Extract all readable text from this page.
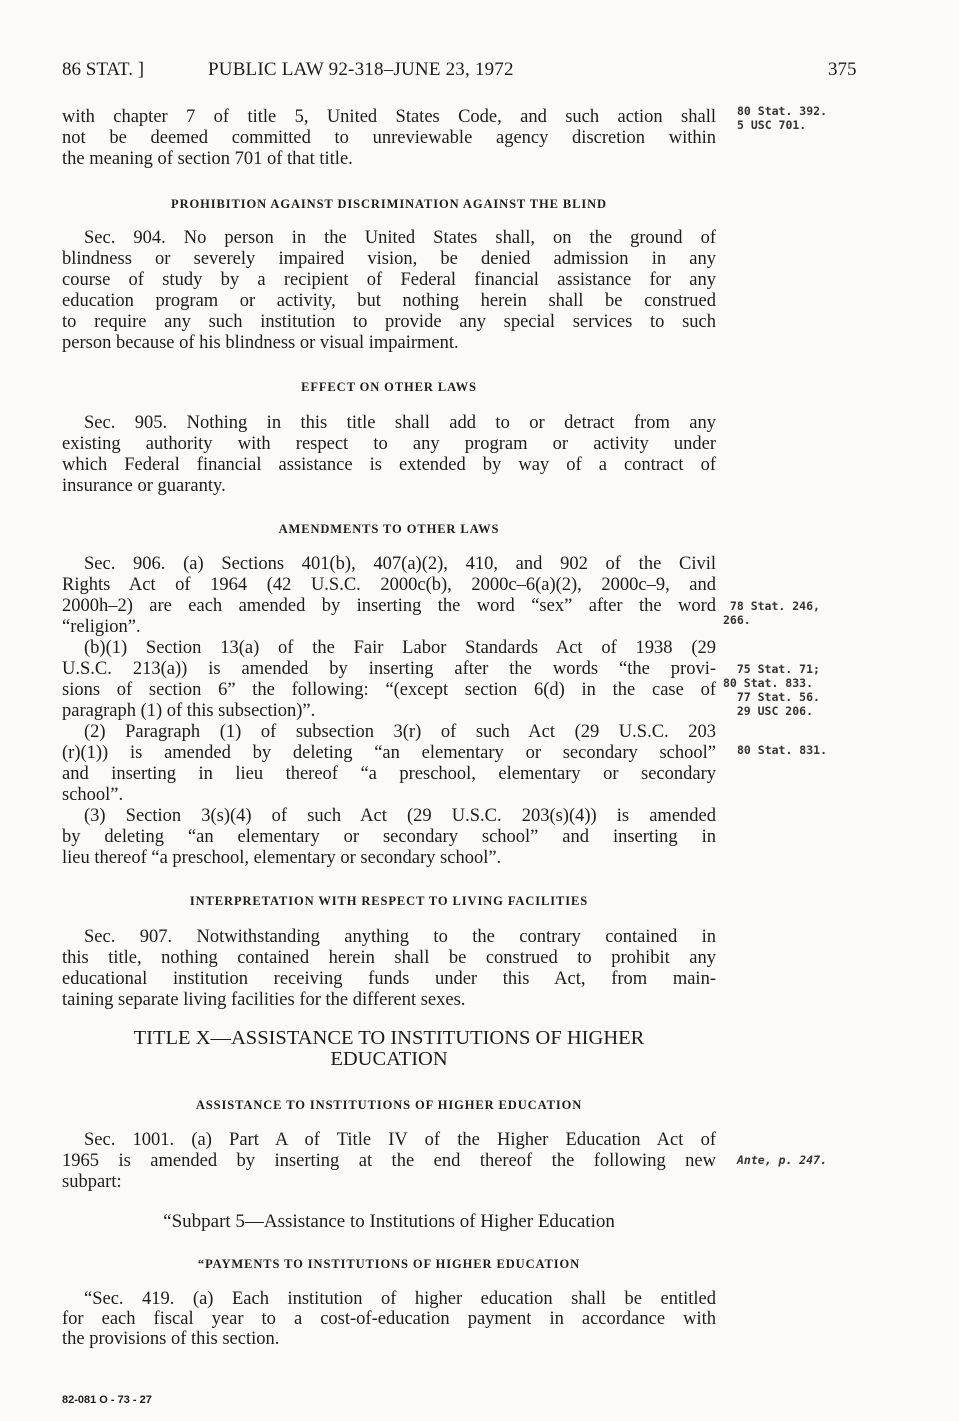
86 STAT. ]	PUBLIC LAW 92-318–JUNE 23, 1972	375
with chapter 7 of title 5, United States Code, and such action shall
not be deemed committed to unreviewable agency discretion within
the meaning of section 701 of that title.
Sec. 904. No person in the United States shall, on the ground of
blindness or severely impaired vision, be denied admission in any
course of study by a recipient of Federal financial assistance for any
education program or activity, but nothing herein shall be construed
to require any such institution to provide any special services to such
person because of his blindness or visual impairment.
Sec. 905. Nothing in this title shall add to or detract from any
existing authority with respect to any program or activity under
which Federal financial assistance is extended by way of a contract of
insurance or guaranty.
Sec. 906. (a) Sections 401(b), 407(a)(2), 410, and 902 of the Civil
Rights Act of 1964 (42 U.S.C. 2000c(b), 2000c–6(a)(2), 2000c–9, and
2000h–2) are each amended by inserting the word “sex” after the word
“religion”.
(b)(1) Section 13(a) of the Fair Labor Standards Act of 1938 (29
U.S.C. 213(a)) is amended by inserting after the words “the provi-
sions of section 6” the following: “(except section 6(d) in the case of
paragraph (1) of this subsection)”.
(2) Paragraph (1) of subsection 3(r) of such Act (29 U.S.C. 203
(r)(1)) is amended by deleting “an elementary or secondary school”
and inserting in lieu thereof “a preschool, elementary or secondary
school”.
(3) Section 3(s)(4) of such Act (29 U.S.C. 203(s)(4)) is amended
by deleting “an elementary or secondary school” and inserting in
lieu thereof “a preschool, elementary or secondary school”.
Sec. 907. Notwithstanding anything to the contrary contained in
this title, nothing contained herein shall be construed to prohibit any
educational institution receiving funds under this Act, from main-
taining separate living facilities for the different sexes.
Sec. 1001. (a) Part A of Title IV of the Higher Education Act of
1965 is amended by inserting at the end thereof the following new
subpart:
“Sec. 419. (a) Each institution of higher education shall be entitled
for each fiscal year to a cost-of-education payment in accordance with
the provisions of this section.
PROHIBITION AGAINST DISCRIMINATION AGAINST THE BLIND
EFFECT ON OTHER LAWS
AMENDMENTS TO OTHER LAWS
INTERPRETATION WITH RESPECT TO LIVING FACILITIES
TITLE X—ASSISTANCE TO INSTITUTIONS OF HIGHER
EDUCATION
ASSISTANCE TO INSTITUTIONS OF HIGHER EDUCATION
“Subpart 5—Assistance to Institutions of Higher Education
“PAYMENTS TO INSTITUTIONS OF HIGHER EDUCATION
80 Stat. 392.
5 USC 701.
78 Stat. 246,
266.
75 Stat. 71;
80 Stat. 833.
77 Stat. 56.
29 USC 206.
80 Stat. 831.
Ante, p. 247.
82-081 O - 73 - 27
